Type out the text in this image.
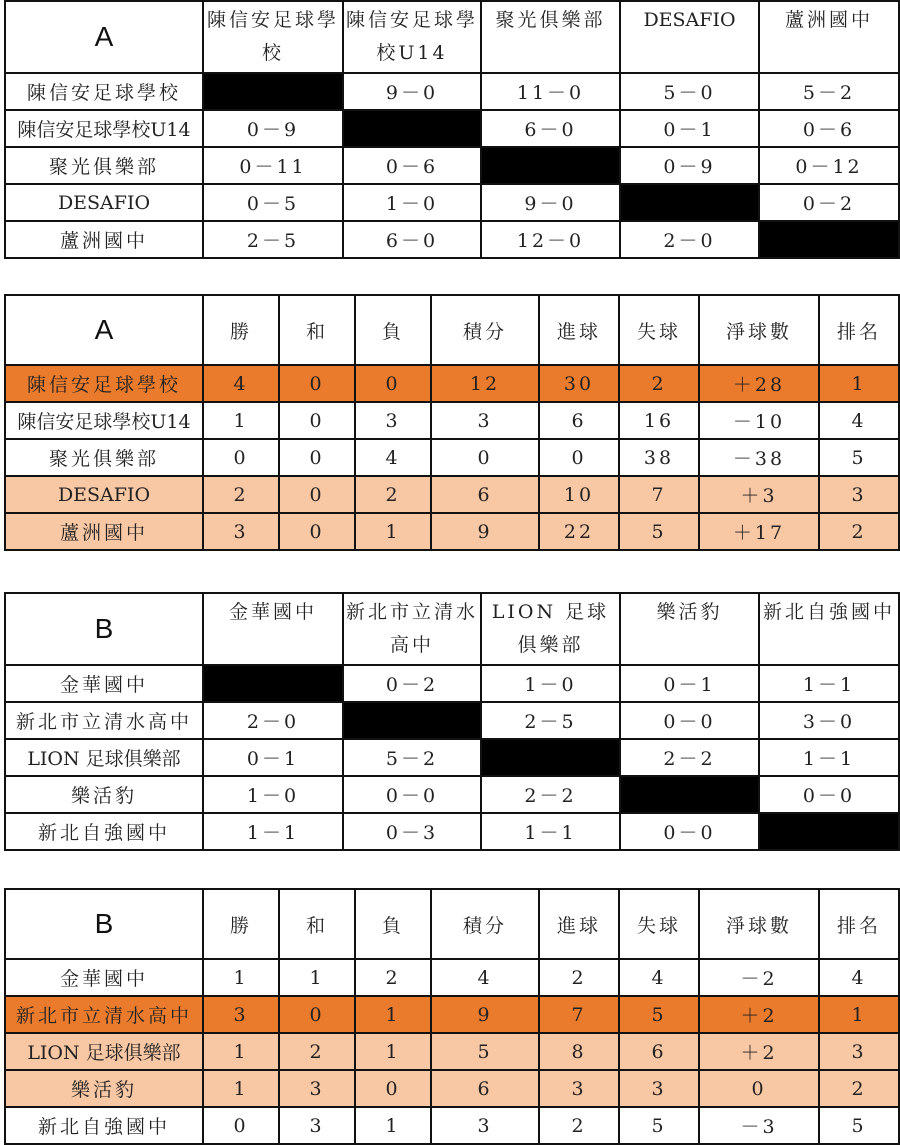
A	陳信安足球學校	陳信安足球學校U14	聚光俱樂部	DESAFIO	蘆洲國中
陳信安足球學校		9－0	11－0	5－0	5－2
陳信安足球學校U14	0－9		6－0	0－1	0－6
聚光俱樂部	0－11	0－6		0－9	0－12
DESAFIO	0－5	1－0	9－0		0－2
蘆洲國中	2－5	6－0	12－0	2－0	
A	勝	和	負	積分	進球	失球	淨球數	排名
陳信安足球學校	4	0	0	12	30	2	＋28	1
陳信安足球學校U14	1	0	3	3	6	16	－10	4
聚光俱樂部	0	0	4	0	0	38	－38	5
DESAFIO	2	0	2	6	10	7	＋3	3
蘆洲國中	3	0	1	9	22	5	＋17	2
B	金華國中	新北市立清水高中	LION 足球俱樂部	樂活豹	新北自強國中
金華國中		0－2	1－0	0－1	1－1
新北市立清水高中	2－0		2－5	0－0	3－0
LION 足球俱樂部	0－1	5－2		2－2	1－1
樂活豹	1－0	0－0	2－2		0－0
新北自強國中	1－1	0－3	1－1	0－0	
B	勝	和	負	積分	進球	失球	淨球數	排名
金華國中	1	1	2	4	2	4	－2	4
新北市立清水高中	3	0	1	9	7	5	＋2	1
LION 足球俱樂部	1	2	1	5	8	6	＋2	3
樂活豹	1	3	0	6	3	3	0	2
新北自強國中	0	3	1	3	2	5	－3	5
